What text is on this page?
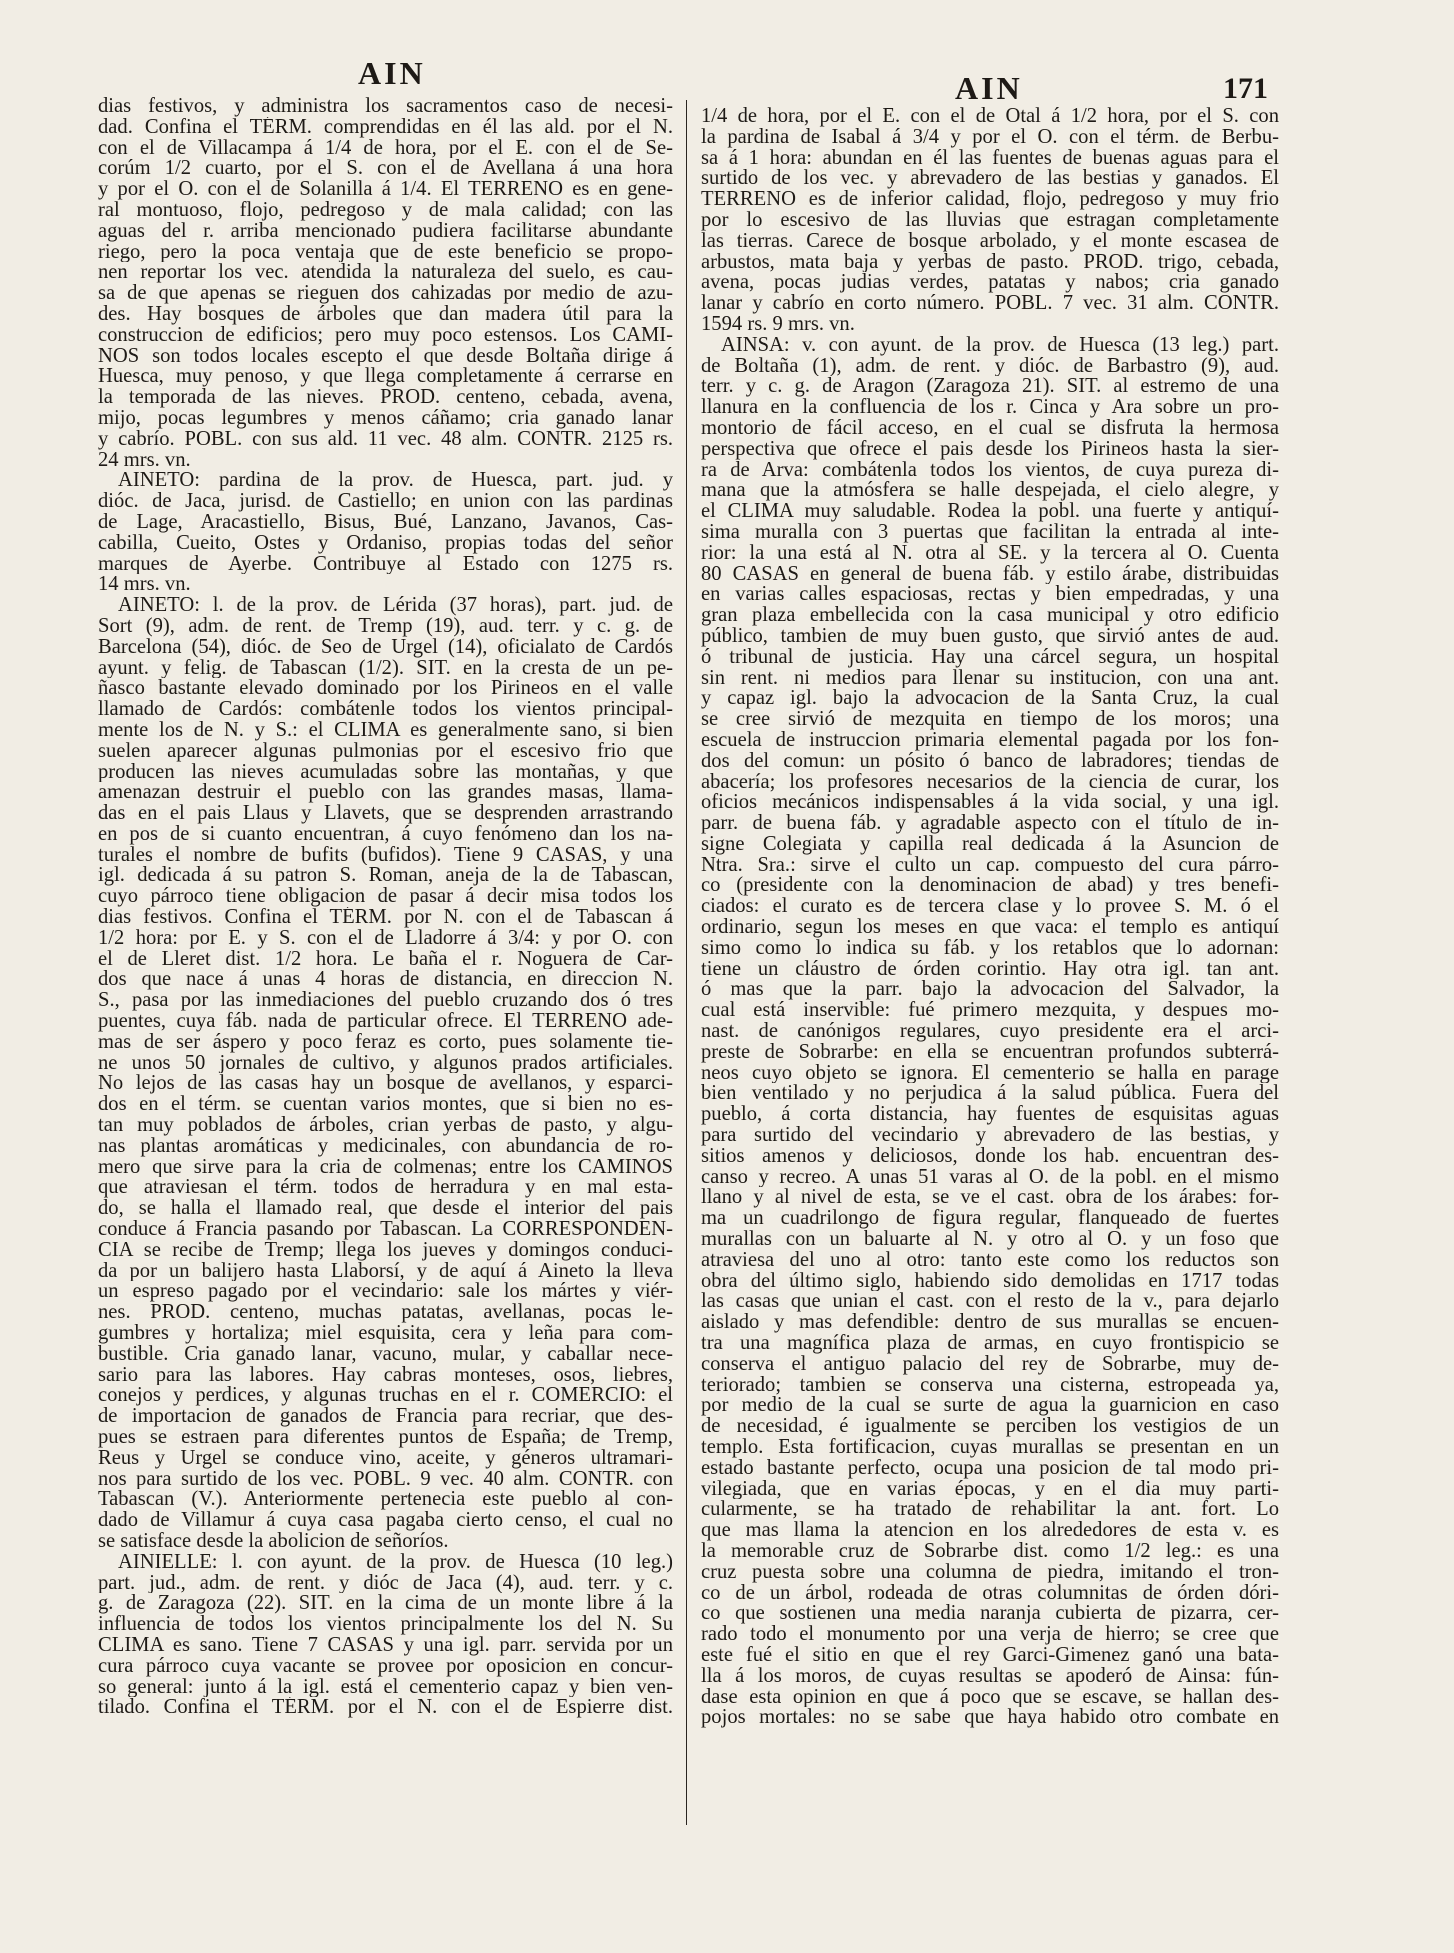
AIN	AIN	171
dias festivos, y administra los sacramentos caso de necesi-
dad. Confina el TÉRM. comprendidas en él las ald. por el N.
con el de Villacampa á 1/4 de hora, por el E. con el de Se-
corúm 1/2 cuarto, por el S. con el de Avellana á una hora
y por el O. con el de Solanilla á 1/4. El TERRENO es en gene-
ral montuoso, flojo, pedregoso y de mala calidad; con las
aguas del r. arriba mencionado pudiera facilitarse abundante
riego, pero la poca ventaja que de este beneficio se propo-
nen reportar los vec. atendida la naturaleza del suelo, es cau-
sa de que apenas se rieguen dos cahizadas por medio de azu-
des. Hay bosques de árboles que dan madera útil para la
construccion de edificios; pero muy poco estensos. Los CAMI-
NOS son todos locales escepto el que desde Boltaña dirige á
Huesca, muy penoso, y que llega completamente á cerrarse en
la temporada de las nieves. PROD. centeno, cebada, avena,
mijo, pocas legumbres y menos cáñamo; cria ganado lanar
y cabrío. POBL. con sus ald. 11 vec. 48 alm. CONTR. 2125 rs.
24 mrs. vn.
AINETO: pardina de la prov. de Huesca, part. jud. y
dióc. de Jaca, jurisd. de Castiello; en union con las pardinas
de Lage, Aracastiello, Bisus, Bué, Lanzano, Javanos, Cas-
cabilla, Cueito, Ostes y Ordaniso, propias todas del señor
marques de Ayerbe. Contribuye al Estado con 1275 rs.
14 mrs. vn.
AINETO: l. de la prov. de Lérida (37 horas), part. jud. de
Sort (9), adm. de rent. de Tremp (19), aud. terr. y c. g. de
Barcelona (54), dióc. de Seo de Urgel (14), oficialato de Cardós
ayunt. y felig. de Tabascan (1/2). SIT. en la cresta de un pe-
ñasco bastante elevado dominado por los Pirineos en el valle
llamado de Cardós: combátenle todos los vientos principal-
mente los de N. y S.: el CLIMA es generalmente sano, si bien
suelen aparecer algunas pulmonias por el escesivo frio que
producen las nieves acumuladas sobre las montañas, y que
amenazan destruir el pueblo con las grandes masas, llama-
das en el pais Llaus y Llavets, que se desprenden arrastrando
en pos de si cuanto encuentran, á cuyo fenómeno dan los na-
turales el nombre de bufits (bufidos). Tiene 9 CASAS, y una
igl. dedicada á su patron S. Roman, aneja de la de Tabascan,
cuyo párroco tiene obligacion de pasar á decir misa todos los
dias festivos. Confina el TÉRM. por N. con el de Tabascan á
1/2 hora: por E. y S. con el de Lladorre á 3/4: y por O. con
el de Lleret dist. 1/2 hora. Le baña el r. Noguera de Car-
dos que nace á unas 4 horas de distancia, en direccion N.
S., pasa por las inmediaciones del pueblo cruzando dos ó tres
puentes, cuya fáb. nada de particular ofrece. El TERRENO ade-
mas de ser áspero y poco feraz es corto, pues solamente tie-
ne unos 50 jornales de cultivo, y algunos prados artificiales.
No lejos de las casas hay un bosque de avellanos, y esparci-
dos en el térm. se cuentan varios montes, que si bien no es-
tan muy poblados de árboles, crian yerbas de pasto, y algu-
nas plantas aromáticas y medicinales, con abundancia de ro-
mero que sirve para la cria de colmenas; entre los CAMINOS
que atraviesan el térm. todos de herradura y en mal esta-
do, se halla el llamado real, que desde el interior del pais
conduce á Francia pasando por Tabascan. La CORRESPONDEN-
CIA se recibe de Tremp; llega los jueves y domingos conduci-
da por un balijero hasta Llaborsí, y de aquí á Aineto la lleva
un espreso pagado por el vecindario: sale los mártes y viér-
nes. PROD. centeno, muchas patatas, avellanas, pocas le-
gumbres y hortaliza; miel esquisita, cera y leña para com-
bustible. Cria ganado lanar, vacuno, mular, y caballar nece-
sario para las labores. Hay cabras monteses, osos, liebres,
conejos y perdices, y algunas truchas en el r. COMERCIO: el
de importacion de ganados de Francia para recriar, que des-
pues se estraen para diferentes puntos de España; de Tremp,
Reus y Urgel se conduce vino, aceite, y géneros ultramari-
nos para surtido de los vec. POBL. 9 vec. 40 alm. CONTR. con
Tabascan (V.). Anteriormente pertenecia este pueblo al con-
dado de Villamur á cuya casa pagaba cierto censo, el cual no
se satisface desde la abolicion de señoríos.
AINIELLE: l. con ayunt. de la prov. de Huesca (10 leg.)
part. jud., adm. de rent. y dióc de Jaca (4), aud. terr. y c.
g. de Zaragoza (22). SIT. en la cima de un monte libre á la
influencia de todos los vientos principalmente los del N. Su
CLIMA es sano. Tiene 7 CASAS y una igl. parr. servida por un
cura párroco cuya vacante se provee por oposicion en concur-
so general: junto á la igl. está el cementerio capaz y bien ven-
tilado. Confina el TÉRM. por el N. con el de Espierre dist.
1/4 de hora, por el E. con el de Otal á 1/2 hora, por el S. con
la pardina de Isabal á 3/4 y por el O. con el térm. de Berbu-
sa á 1 hora: abundan en él las fuentes de buenas aguas para el
surtido de los vec. y abrevadero de las bestias y ganados. El
TERRENO es de inferior calidad, flojo, pedregoso y muy frio
por lo escesivo de las lluvias que estragan completamente
las tierras. Carece de bosque arbolado, y el monte escasea de
arbustos, mata baja y yerbas de pasto. PROD. trigo, cebada,
avena, pocas judias verdes, patatas y nabos; cria ganado
lanar y cabrío en corto número. POBL. 7 vec. 31 alm. CONTR.
1594 rs. 9 mrs. vn.
AINSA: v. con ayunt. de la prov. de Huesca (13 leg.) part.
de Boltaña (1), adm. de rent. y dióc. de Barbastro (9), aud.
terr. y c. g. de Aragon (Zaragoza 21). SIT. al estremo de una
llanura en la confluencia de los r. Cinca y Ara sobre un pro-
montorio de fácil acceso, en el cual se disfruta la hermosa
perspectiva que ofrece el pais desde los Pirineos hasta la sier-
ra de Arva: combátenla todos los vientos, de cuya pureza di-
mana que la atmósfera se halle despejada, el cielo alegre, y
el CLIMA muy saludable. Rodea la pobl. una fuerte y antiquí-
sima muralla con 3 puertas que facilitan la entrada al inte-
rior: la una está al N. otra al SE. y la tercera al O. Cuenta
80 CASAS en general de buena fáb. y estilo árabe, distribuidas
en varias calles espaciosas, rectas y bien empedradas, y una
gran plaza embellecida con la casa municipal y otro edificio
público, tambien de muy buen gusto, que sirvió antes de aud.
ó tribunal de justicia. Hay una cárcel segura, un hospital
sin rent. ni medios para llenar su institucion, con una ant.
y capaz igl. bajo la advocacion de la Santa Cruz, la cual
se cree sirvió de mezquita en tiempo de los moros; una
escuela de instruccion primaria elemental pagada por los fon-
dos del comun: un pósito ó banco de labradores; tiendas de
abacería; los profesores necesarios de la ciencia de curar, los
oficios mecánicos indispensables á la vida social, y una igl.
parr. de buena fáb. y agradable aspecto con el título de in-
signe Colegiata y capilla real dedicada á la Asuncion de
Ntra. Sra.: sirve el culto un cap. compuesto del cura párro-
co (presidente con la denominacion de abad) y tres benefi-
ciados: el curato es de tercera clase y lo provee S. M. ó el
ordinario, segun los meses en que vaca: el templo es antiquí
simo como lo indica su fáb. y los retablos que lo adornan:
tiene un cláustro de órden corintio. Hay otra igl. tan ant.
ó mas que la parr. bajo la advocacion del Salvador, la
cual está inservible: fué primero mezquita, y despues mo-
nast. de canónigos regulares, cuyo presidente era el arci-
preste de Sobrarbe: en ella se encuentran profundos subterrá-
neos cuyo objeto se ignora. El cementerio se halla en parage
bien ventilado y no perjudica á la salud pública. Fuera del
pueblo, á corta distancia, hay fuentes de esquisitas aguas
para surtido del vecindario y abrevadero de las bestias, y
sitios amenos y deliciosos, donde los hab. encuentran des-
canso y recreo. A unas 51 varas al O. de la pobl. en el mismo
llano y al nivel de esta, se ve el cast. obra de los árabes: for-
ma un cuadrilongo de figura regular, flanqueado de fuertes
murallas con un baluarte al N. y otro al O. y un foso que
atraviesa del uno al otro: tanto este como los reductos son
obra del último siglo, habiendo sido demolidas en 1717 todas
las casas que unian el cast. con el resto de la v., para dejarlo
aislado y mas defendible: dentro de sus murallas se encuen-
tra una magnífica plaza de armas, en cuyo frontispicio se
conserva el antiguo palacio del rey de Sobrarbe, muy de-
teriorado; tambien se conserva una cisterna, estropeada ya,
por medio de la cual se surte de agua la guarnicion en caso
de necesidad, é igualmente se perciben los vestigios de un
templo. Esta fortificacion, cuyas murallas se presentan en un
estado bastante perfecto, ocupa una posicion de tal modo pri-
vilegiada, que en varias épocas, y en el dia muy parti-
cularmente, se ha tratado de rehabilitar la ant. fort. Lo
que mas llama la atencion en los alrededores de esta v. es
la memorable cruz de Sobrarbe dist. como 1/2 leg.: es una
cruz puesta sobre una columna de piedra, imitando el tron-
co de un árbol, rodeada de otras columnitas de órden dóri-
co que sostienen una media naranja cubierta de pizarra, cer-
rado todo el monumento por una verja de hierro; se cree que
este fué el sitio en que el rey Garci-Gimenez ganó una bata-
lla á los moros, de cuyas resultas se apoderó de Ainsa: fún-
dase esta opinion en que á poco que se escave, se hallan des-
pojos mortales: no se sabe que haya habido otro combate en
